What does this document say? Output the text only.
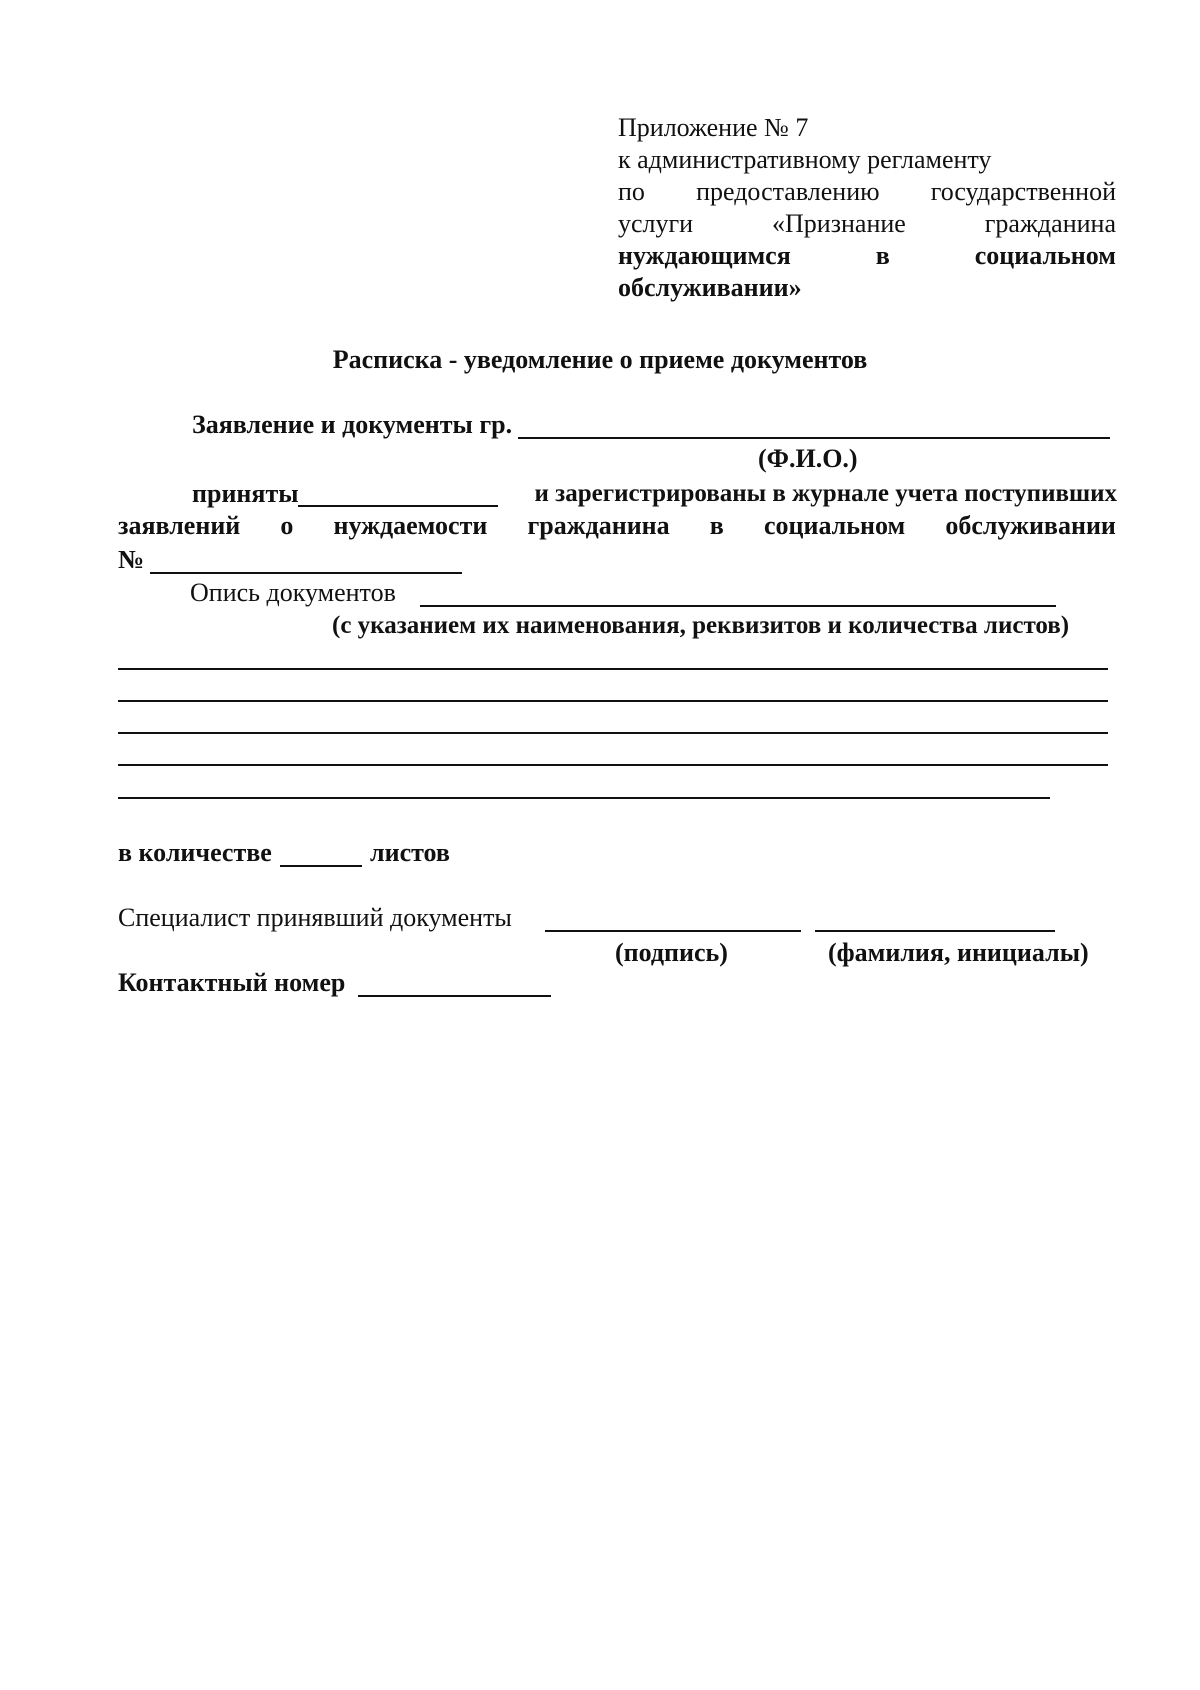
Приложение № 7
к административному регламенту
по предоставлению государственной
услуги	«Признание	гражданина
нуждающимся	в	социальном
обслуживании»
Расписка - уведомление о приеме документов
Заявление и документы гр.
(Ф.И.О.)
приняты	и зарегистрированы в журнале учета поступивших
заявлений о нуждаемости гражданина в социальном обслуживании
№
Опись документов
(с указанием их наименования, реквизитов и количества листов)
в количестве	листов
Специалист принявший документы
(подпись)	(фамилия, инициалы)
Контактный номер
